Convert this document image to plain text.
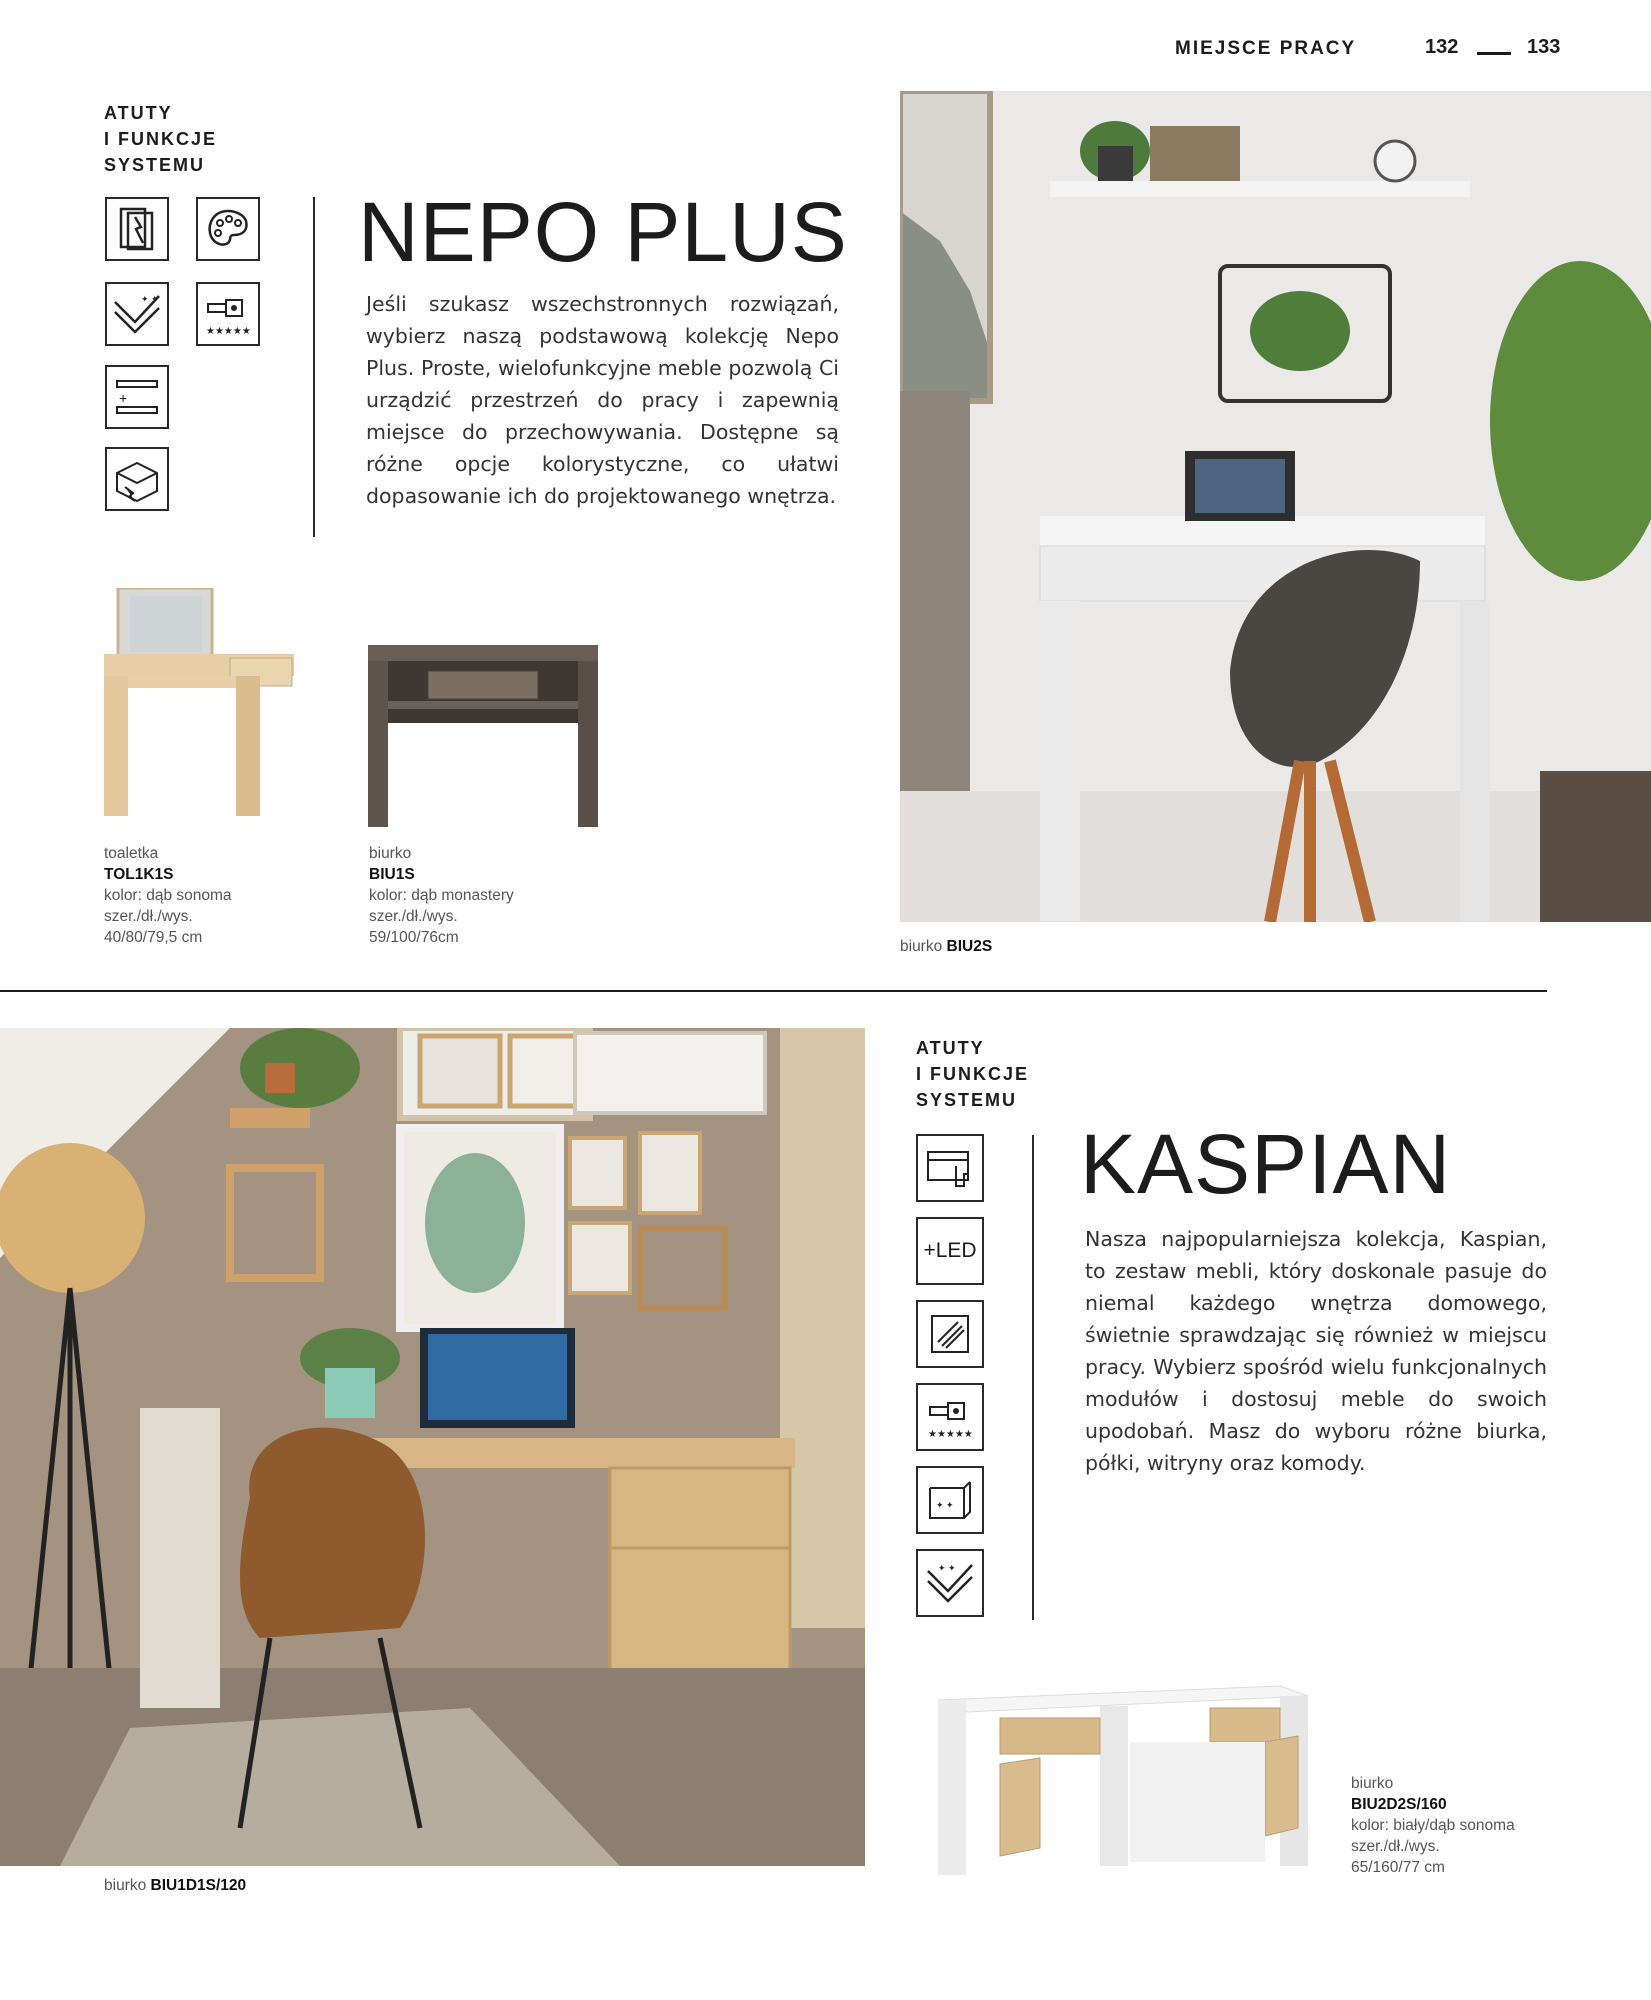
MIEJSCE PRACY	132	133
ATUTY
I FUNKCJE
SYSTEMU
✦ ✦
★★★★★
+
NEPO PLUS
Jeśli szukasz wszechstronnych rozwiązań, wybierz naszą podstawową kolekcję Nepo Plus. Proste, wielofunkcyjne meble pozwolą Ci urządzić przestrzeń do pracy i zapewnią miejsce do przechowywania. Dostępne są różne opcje kolorystyczne, co ułatwi dopasowanie ich do projektowanego wnętrza.
toaletka
TOL1K1S
kolor: dąb sonoma
szer./dł./wys.
40/80/79,5 cm
biurko
BIU1S
kolor: dąb monastery
szer./dł./wys.
59/100/76cm
biurko BIU2S
biurko BIU1D1S/120
ATUTY
I FUNKCJE
SYSTEMU
+LED
★★★★★
✦ ✦
✦ ✦
KASPIAN
Nasza najpopularniejsza kolekcja, Kaspian, to zestaw mebli, który doskonale pasuje do niemal każdego wnętrza domowego, świetnie sprawdzając się również w miejscu pracy. Wybierz spośród wielu funkcjonalnych modułów i dostosuj meble do swoich upodobań. Masz do wyboru różne biurka, półki, witryny oraz komody.
biurko
BIU2D2S/160
kolor: biały/dąb sonoma
szer./dł./wys.
65/160/77 cm
